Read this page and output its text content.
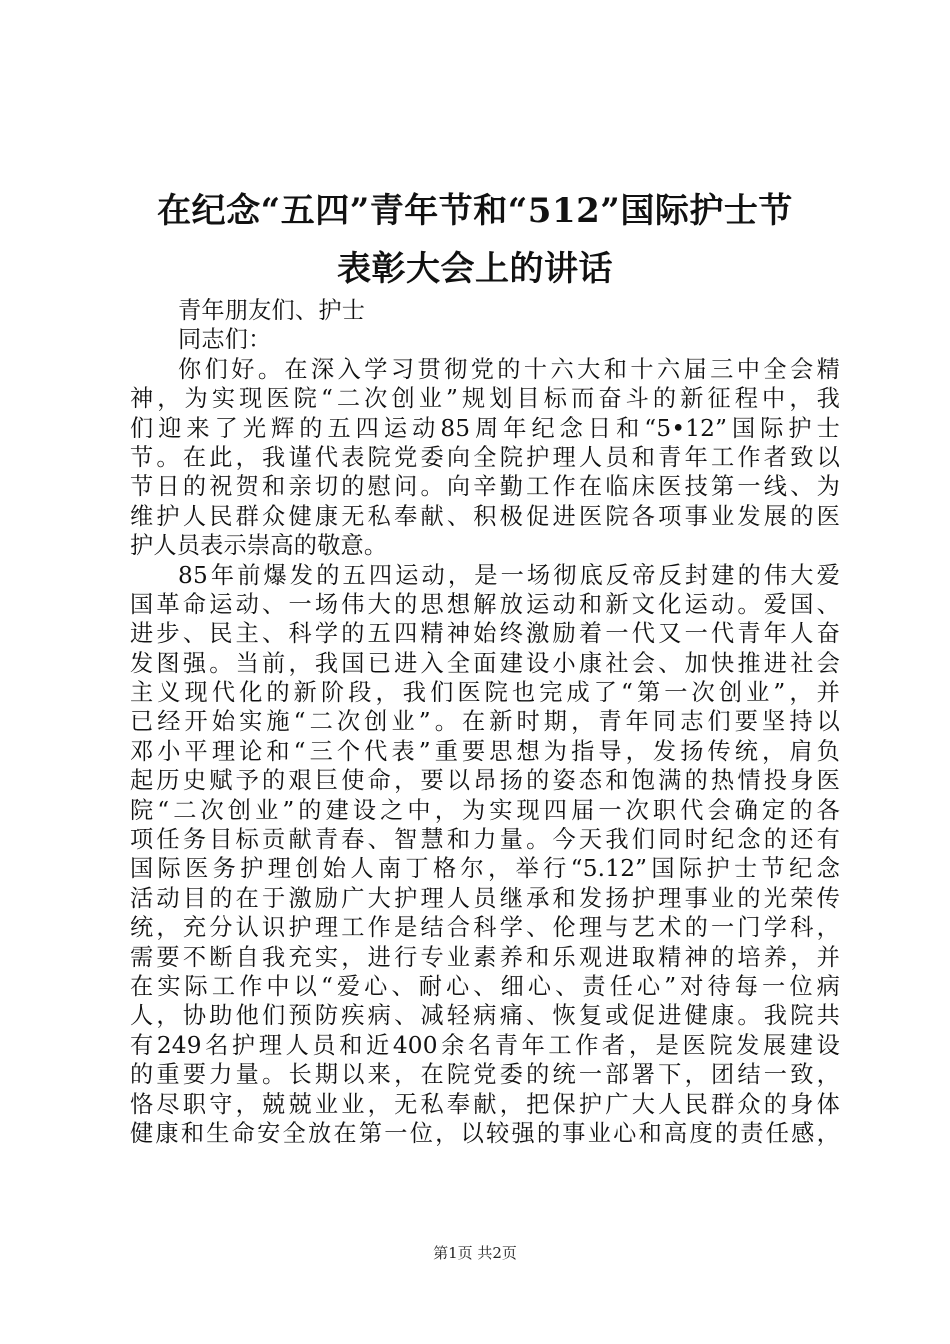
在纪念“五四”青年节和“512”国际护士节
表彰大会上的讲话
青年朋友们、护士
同志们：
你们好。在深入学习贯彻党的十六大和十六届三中全会精
神，为实现医院“二次创业”规划目标而奋斗的新征程中，我
们迎来了光辉的五四运动85周年纪念日和“5•12”国际护士
节。在此，我谨代表院党委向全院护理人员和青年工作者致以
节日的祝贺和亲切的慰问。向辛勤工作在临床医技第一线、为
维护人民群众健康无私奉献、积极促进医院各项事业发展的医
护人员表示崇高的敬意。
85年前爆发的五四运动，是一场彻底反帝反封建的伟大爱
国革命运动、一场伟大的思想解放运动和新文化运动。爱国、
进步、民主、科学的五四精神始终激励着一代又一代青年人奋
发图强。当前，我国已进入全面建设小康社会、加快推进社会
主义现代化的新阶段，我们医院也完成了“第一次创业”，并
已经开始实施“二次创业”。在新时期，青年同志们要坚持以
邓小平理论和“三个代表”重要思想为指导，发扬传统，肩负
起历史赋予的艰巨使命，要以昂扬的姿态和饱满的热情投身医
院“二次创业”的建设之中，为实现四届一次职代会确定的各
项任务目标贡献青春、智慧和力量。今天我们同时纪念的还有
国际医务护理创始人南丁格尔，举行“5.12”国际护士节纪念
活动目的在于激励广大护理人员继承和发扬护理事业的光荣传
统，充分认识护理工作是结合科学、伦理与艺术的一门学科，
需要不断自我充实，进行专业素养和乐观进取精神的培养，并
在实际工作中以“爱心、耐心、细心、责任心”对待每一位病
人，协助他们预防疾病、减轻病痛、恢复或促进健康。我院共
有249名护理人员和近400余名青年工作者，是医院发展建设
的重要力量。长期以来，在院党委的统一部署下，团结一致，
恪尽职守，兢兢业业，无私奉献，把保护广大人民群众的身体
健康和生命安全放在第一位，以较强的事业心和高度的责任感，
第1页 共2页
